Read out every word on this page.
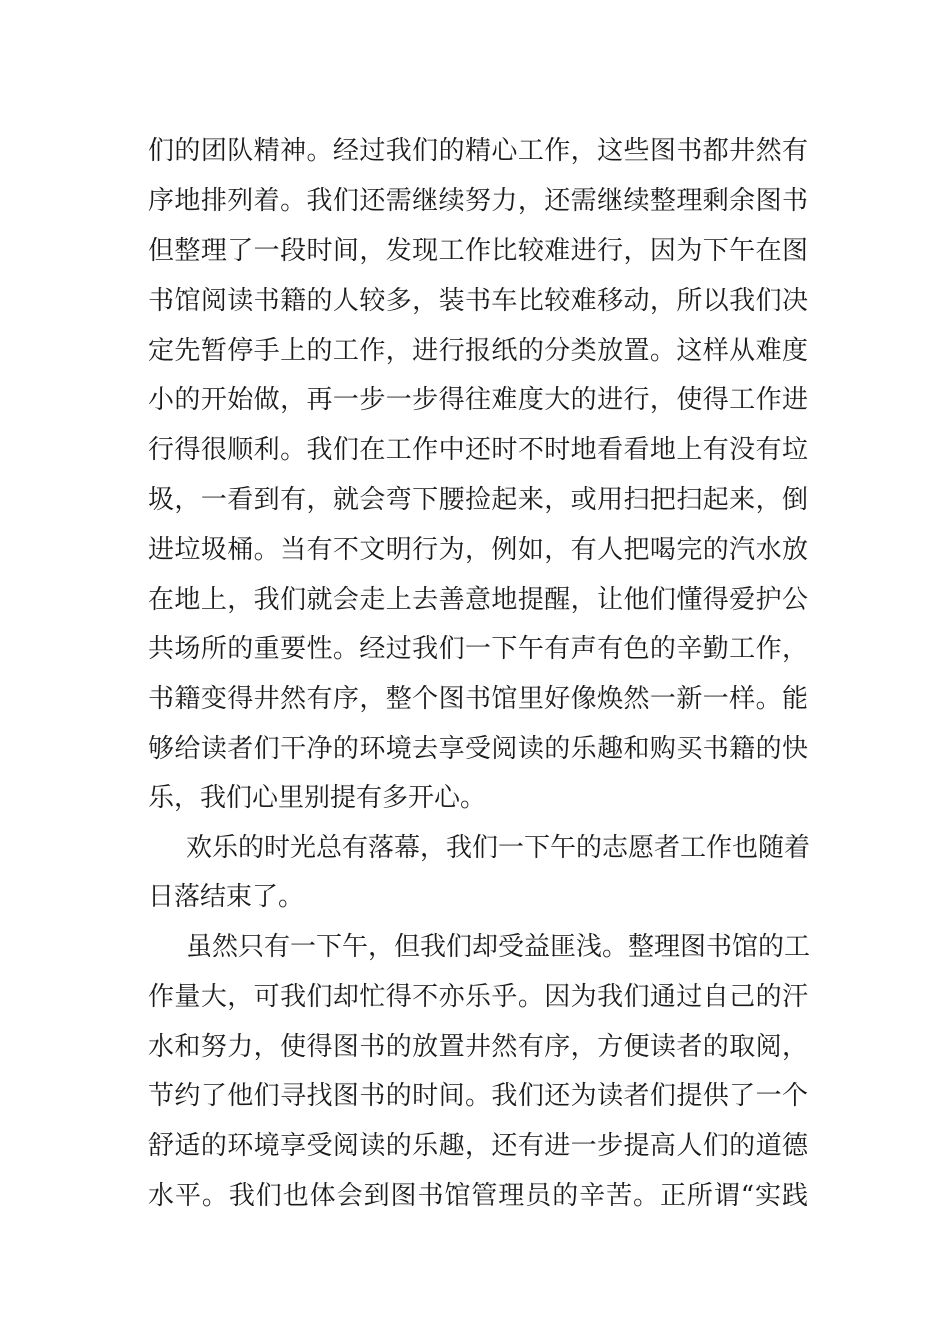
们的团队精神。经过我们的精心工作，这些图书都井然有
序地排列着。我们还需继续努力，还需继续整理剩余图书
但整理了一段时间，发现工作比较难进行，因为下午在图
书馆阅读书籍的人较多，装书车比较难移动，所以我们决
定先暂停手上的工作，进行报纸的分类放置。这样从难度
小的开始做，再一步一步得往难度大的进行，使得工作进
行得很顺利。我们在工作中还时不时地看看地上有没有垃
圾，一看到有，就会弯下腰捡起来，或用扫把扫起来，倒
进垃圾桶。当有不文明行为，例如，有人把喝完的汽水放
在地上，我们就会走上去善意地提醒，让他们懂得爱护公
共场所的重要性。经过我们一下午有声有色的辛勤工作，
书籍变得井然有序，整个图书馆里好像焕然一新一样。能
够给读者们干净的环境去享受阅读的乐趣和购买书籍的快
乐，我们心里别提有多开心。
欢乐的时光总有落幕，我们一下午的志愿者工作也随着
日落结束了。
虽然只有一下午，但我们却受益匪浅。整理图书馆的工
作量大，可我们却忙得不亦乐乎。因为我们通过自己的汗
水和努力，使得图书的放置井然有序，方便读者的取阅，
节约了他们寻找图书的时间。我们还为读者们提供了一个
舒适的环境享受阅读的乐趣，还有进一步提高人们的道德
水平。我们也体会到图书馆管理员的辛苦。正所谓“实践
